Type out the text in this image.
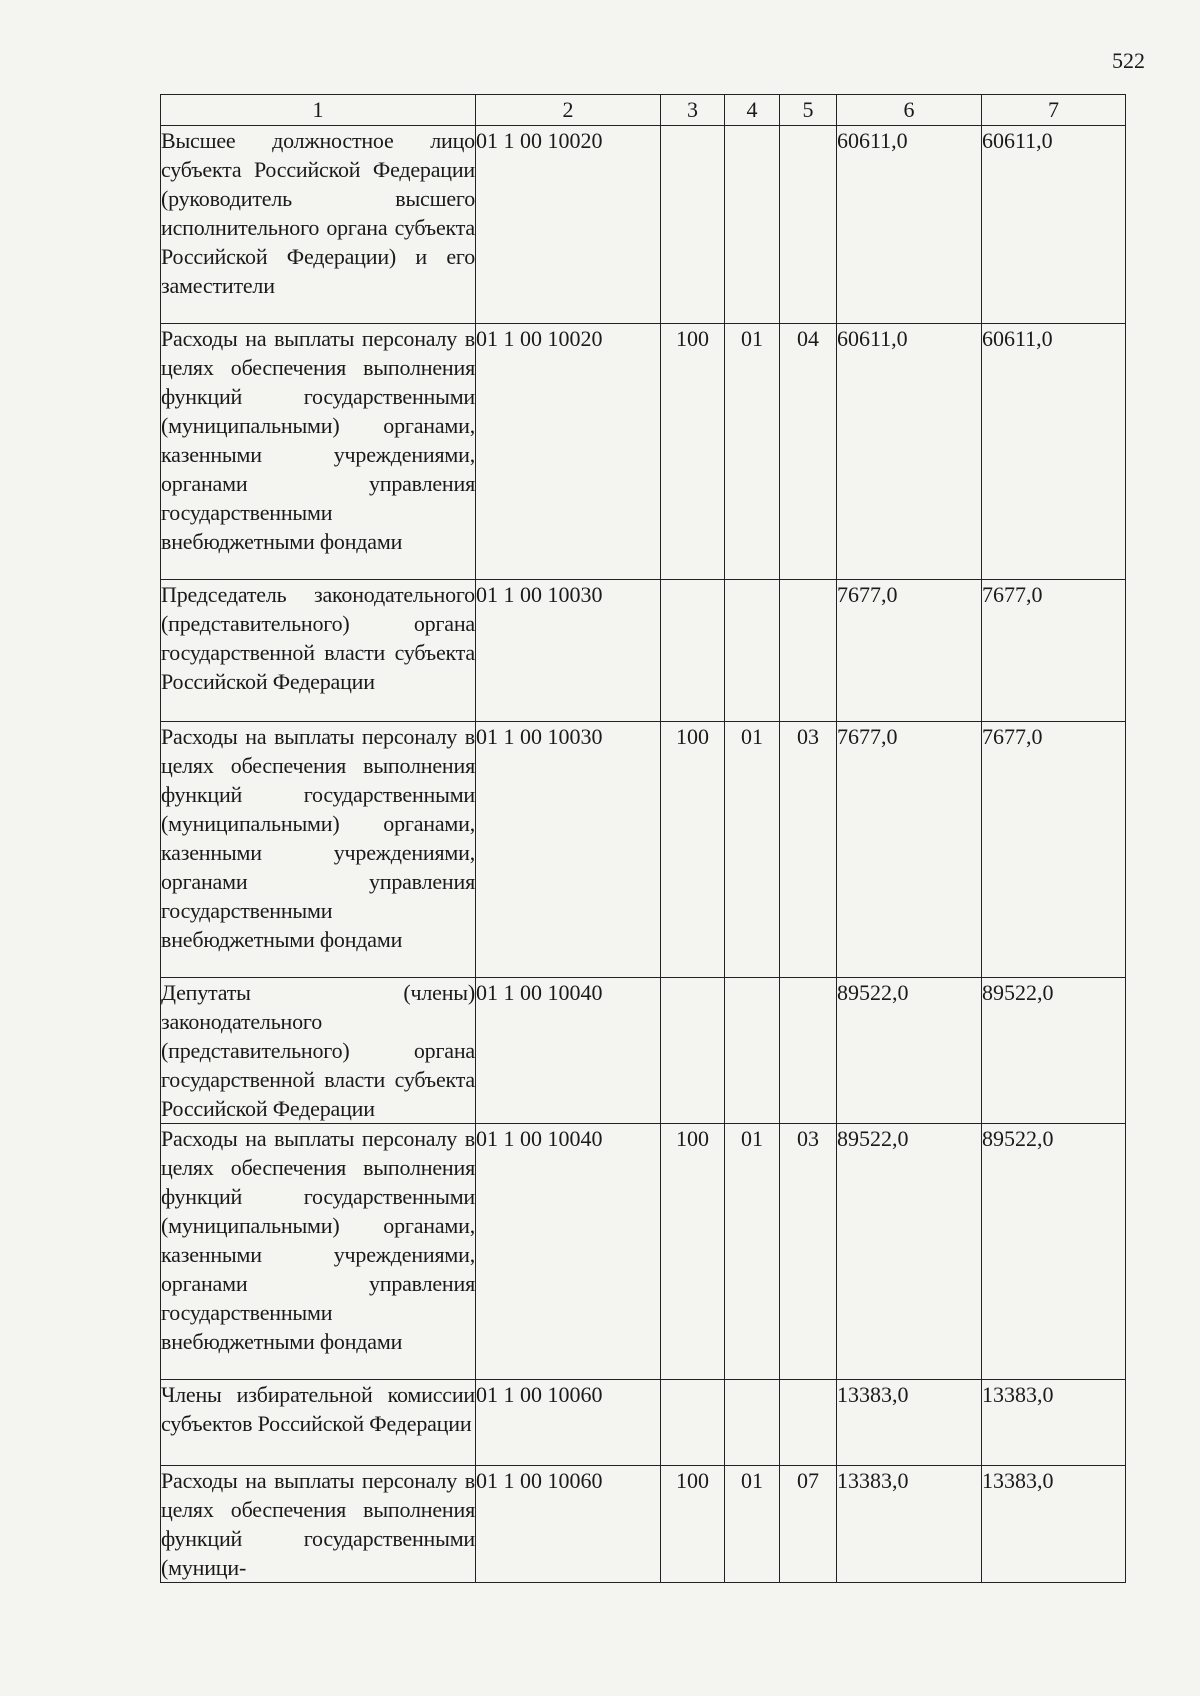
522
1	2	3	4	5	6	7

Высшее должностное лицо субъекта Российской Федерации (руководитель высшего исполнительного органа субъекта Российской Федерации) и его заместители	01 1 00 10020				60611,0	60611,0

Расходы на выплаты персоналу в целях обеспечения выполнения функций государственными (муниципальными) органами, казенными учреждениями, органами управления государственными внебюджетными фондами	01 1 00 10020	100	01	04	60611,0	60611,0

Председатель законодательного (представительного) органа государственной власти субъекта Российской Федерации	01 1 00 10030				7677,0	7677,0

Расходы на выплаты персоналу в целях обеспечения выполнения функций государственными (муниципальными) органами, казенными учреждениями, органами управления государственными внебюджетными фондами	01 1 00 10030	100	01	03	7677,0	7677,0

Депутаты (члены) законодательного (представительного) органа государственной власти субъекта Российской Федерации	01 1 00 10040				89522,0	89522,0

Расходы на выплаты персоналу в целях обеспечения выполнения функций государственными (муниципальными) органами, казенными учреждениями, органами управления государственными внебюджетными фондами	01 1 00 10040	100	01	03	89522,0	89522,0

Члены избирательной комиссии субъектов Российской Федерации	01 1 00 10060				13383,0	13383,0

Расходы на выплаты персоналу в целях обеспечения выполнения функций государственными (муници-	01 1 00 10060	100	01	07	13383,0	13383,0
